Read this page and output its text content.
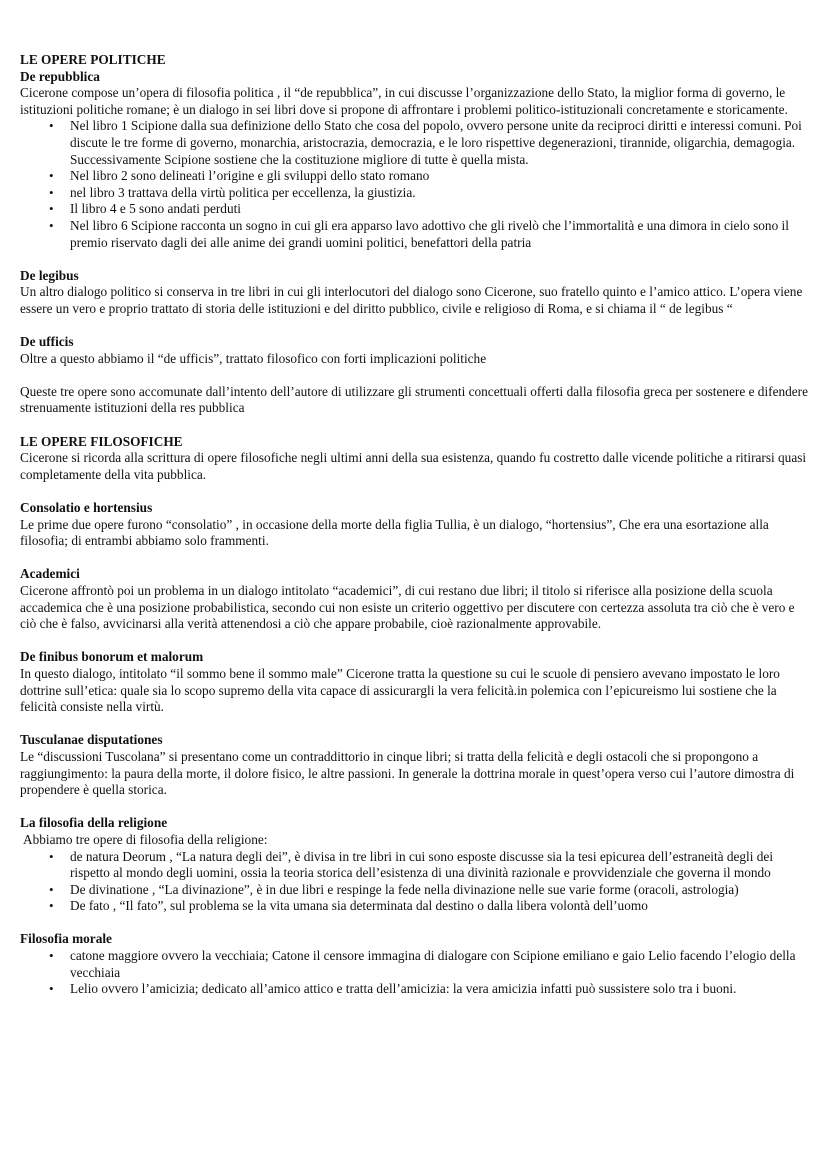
LE OPERE POLITICHE
De repubblica
Cicerone compose un’opera di filosofia politica , il “de repubblica”, in cui discusse l’organizzazione dello Stato, la miglior forma di governo, le istituzioni politiche romane; è un dialogo in sei libri dove si propone di affrontare i problemi politico-istituzionali concretamente e storicamente.
• Nel libro 1 Scipione dalla sua definizione dello Stato che cosa del popolo, ovvero persone unite da reciproci diritti e interessi comuni. Poi discute le tre forme di governo, monarchia, aristocrazia, democrazia, e le loro rispettive degenerazioni, tirannide, oligarchia, demagogia. Successivamente Scipione sostiene che la costituzione migliore di tutte è quella mista.
• Nel libro 2 sono delineati l’origine e gli sviluppi dello stato romano
• nel libro 3 trattava della virtù politica per eccellenza, la giustizia.
• Il libro 4 e 5 sono andati perduti
• Nel libro 6 Scipione racconta un sogno in cui gli era apparso lavo adottivo che gli rivelò che l’immortalità e una dimora in cielo sono il premio riservato dagli dei alle anime dei grandi uomini politici, benefattori della patria
De legibus
Un altro dialogo politico si conserva in tre libri in cui gli interlocutori del dialogo sono Cicerone, suo fratello quinto e l’amico attico. L’opera viene essere un vero e proprio trattato di storia delle istituzioni e del diritto pubblico, civile e religioso di Roma, e si chiama il “ de legibus “
De ufficis
Oltre a questo abbiamo il “de ufficis”, trattato filosofico con forti implicazioni politiche
Queste tre opere sono accomunate dall’intento dell’autore di utilizzare gli strumenti concettuali offerti dalla filosofia greca per sostenere e difendere strenuamente istituzioni della res pubblica
LE OPERE FILOSOFICHE
Cicerone si ricorda alla scrittura di opere filosofiche negli ultimi anni della sua esistenza, quando fu costretto dalle vicende politiche a ritirarsi quasi completamente della vita pubblica.
Consolatio e hortensius
Le prime due opere furono “consolatio” , in occasione della morte della figlia Tullia, è un dialogo, “hortensius”, Che era una esortazione alla filosofia; di entrambi abbiamo solo frammenti.
Academici
Cicerone affrontò poi un problema in un dialogo intitolato “academici”, di cui restano due libri; il titolo si riferisce alla posizione della scuola accademica che è una posizione probabilistica, secondo cui non esiste un criterio oggettivo per discutere con certezza assoluta tra ciò che è vero e ciò che è falso, avvicinarsi alla verità attenendosi a ciò che appare probabile, cioè razionalmente approvabile.
De finibus bonorum et malorum
In questo dialogo, intitolato “il sommo bene il sommo male” Cicerone tratta la questione su cui le scuole di pensiero avevano impostato le loro dottrine sull’etica: quale sia lo scopo supremo della vita capace di assicurargli la vera felicità.in polemica con l’epicureismo lui sostiene che la felicità consiste nella virtù.
Tusculanae disputationes
Le “discussioni Tuscolana” si presentano come un contraddittorio in cinque libri; si tratta della felicità e degli ostacoli che si propongono a raggiungimento: la paura della morte, il dolore fisico, le altre passioni. In generale la dottrina morale in quest’opera verso cui l’autore dimostra di propendere è quella storica.
La filosofia della religione
Abbiamo tre opere di filosofia della religione:
• de natura Deorum , “La natura degli dei”, è divisa in tre libri in cui sono esposte discusse sia la tesi epicurea dell’estraneità degli dei rispetto al mondo degli uomini, ossia la teoria storica dell’esistenza di una divinità razionale e provvidenziale che governa il mondo
• De divinatione , “La divinazione”, è in due libri e respinge la fede nella divinazione nelle sue varie forme (oracoli, astrologia)
• De fato , “Il fato”, sul problema se la vita umana sia determinata dal destino o dalla libera volontà dell’uomo
Filosofia morale
• catone maggiore ovvero la vecchiaia; Catone il censore immagina di dialogare con Scipione emiliano e gaio Lelio facendo l’elogio della vecchiaia
• Lelio ovvero l’amicizia; dedicato all’amico attico e tratta dell’amicizia: la vera amicizia infatti può sussistere solo tra i buoni.
